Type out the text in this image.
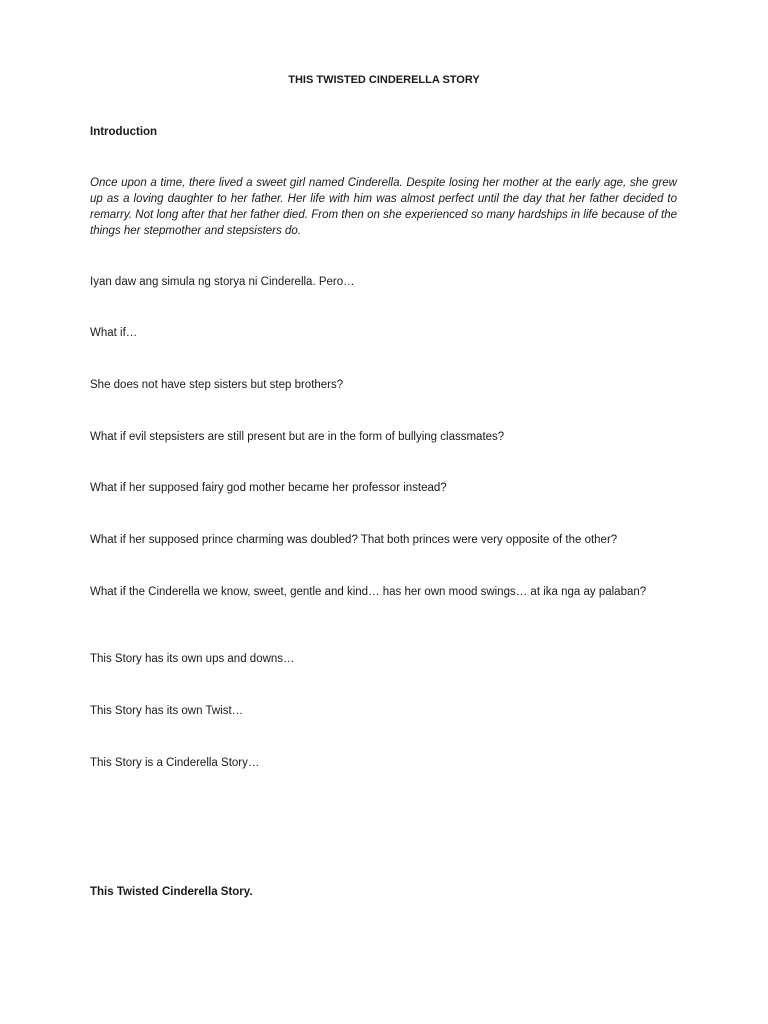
THIS TWISTED CINDERELLA STORY

Introduction

Once upon a time, there lived a sweet girl named Cinderella. Despite losing her mother at the early age, she grew up as a loving daughter to her father. Her life with him was almost perfect until the day that her father decided to remarry. Not long after that her father died. From then on she experienced so many hardships in life because of the things her stepmother and stepsisters do.

Iyan daw ang simula ng storya ni Cinderella. Pero…

What if…

She does not have step sisters but step brothers?

What if evil stepsisters are still present but are in the form of bullying classmates?

What if her supposed fairy god mother became her professor instead?

What if her supposed prince charming was doubled? That both princes were very opposite of the other?

What if the Cinderella we know, sweet, gentle and kind… has her own mood swings… at ika nga ay palaban?

This Story has its own ups and downs…

This Story has its own Twist…

This Story is a Cinderella Story…

This Twisted Cinderella Story.
